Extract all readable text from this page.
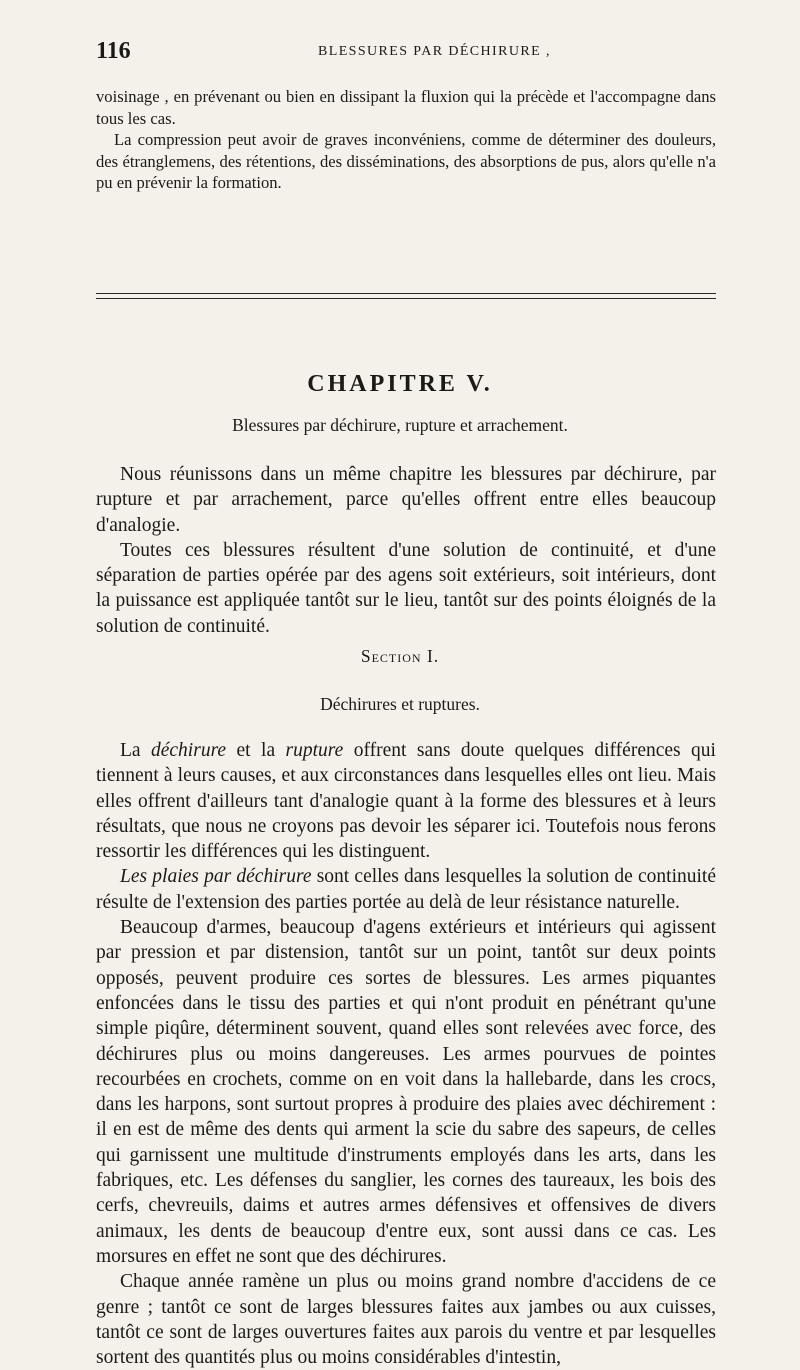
116	BLESSURES PAR DÉCHIRURE ,

voisinage , en prévenant ou bien en dissipant la fluxion qui la précède et l'accompagne dans tous les cas.

La compression peut avoir de graves inconvéniens, comme de déterminer des douleurs, des étranglemens, des rétentions, des disséminations, des absorptions de pus, alors qu'elle n'a pu en prévenir la formation.

CHAPITRE V.
Blessures par déchirure, rupture et arrachement.

Nous réunissons dans un même chapitre les blessures par déchirure, par rupture et par arrachement, parce qu'elles offrent entre elles beaucoup d'analogie.

Toutes ces blessures résultent d'une solution de continuité, et d'une séparation de parties opérée par des agens soit extérieurs, soit intérieurs, dont la puissance est appliquée tantôt sur le lieu, tantôt sur des points éloignés de la solution de continuité.

Section I.
Déchirures et ruptures.

La déchirure et la rupture offrent sans doute quelques différences qui tiennent à leurs causes, et aux circonstances dans lesquelles elles ont lieu. Mais elles offrent d'ailleurs tant d'analogie quant à la forme des blessures et à leurs résultats, que nous ne croyons pas devoir les séparer ici. Toutefois nous ferons ressortir les différences qui les distinguent.

Les plaies par déchirure sont celles dans lesquelles la solution de continuité résulte de l'extension des parties portée au delà de leur résistance naturelle.

Beaucoup d'armes, beaucoup d'agens extérieurs et intérieurs qui agissent par pression et par distension, tantôt sur un point, tantôt sur deux points opposés, peuvent produire ces sortes de blessures. Les armes piquantes enfoncées dans le tissu des parties et qui n'ont produit en pénétrant qu'une simple piqûre, déterminent souvent, quand elles sont relevées avec force, des déchirures plus ou moins dangereuses. Les armes pourvues de pointes recourbées en crochets, comme on en voit dans la hallebarde, dans les crocs, dans les harpons, sont surtout propres à produire des plaies avec déchirement : il en est de même des dents qui arment la scie du sabre des sapeurs, de celles qui garnissent une multitude d'instruments employés dans les arts, dans les fabriques, etc. Les défenses du sanglier, les cornes des taureaux, les bois des cerfs, chevreuils, daims et autres armes défensives et offensives de divers animaux, les dents de beaucoup d'entre eux, sont aussi dans ce cas. Les morsures en effet ne sont que des déchirures.

Chaque année ramène un plus ou moins grand nombre d'accidens de ce genre ; tantôt ce sont de larges blessures faites aux jambes ou aux cuisses, tantôt ce sont de larges ouvertures faites aux parois du ventre et par lesquelles sortent des quantités plus ou moins considérables d'intestin,
